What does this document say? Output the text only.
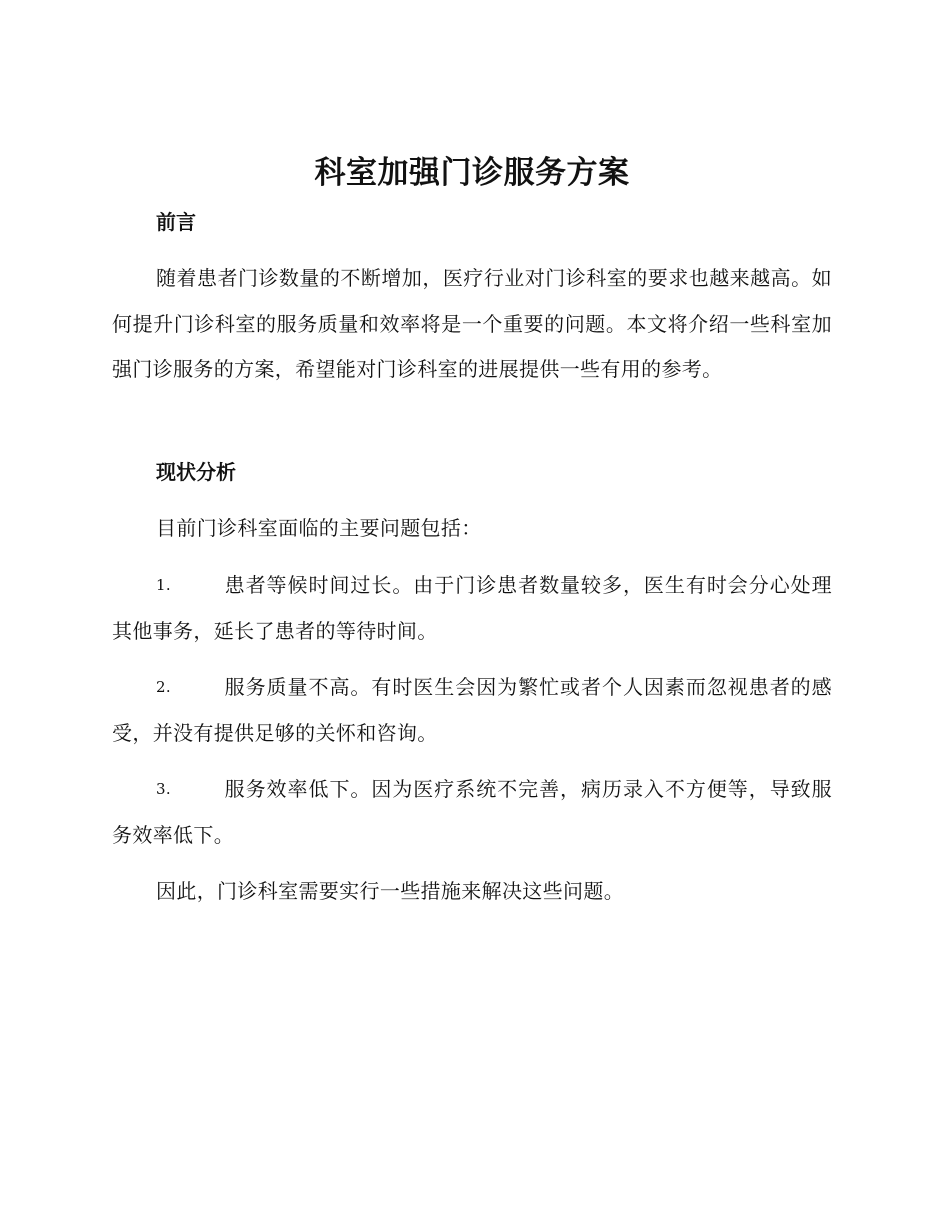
科室加强门诊服务方案
前言

随着患者门诊数量的不断增加，医疗行业对门诊科室的要求也越来越高。如何提升门诊科室的服务质量和效率将是一个重要的问题。本文将介绍一些科室加强门诊服务的方案，希望能对门诊科室的进展提供一些有用的参考。

现状分析

目前门诊科室面临的主要问题包括：

1.	患者等候时间过长。由于门诊患者数量较多，医生有时会分心处理其他事务，延长了患者的等待时间。

2.	服务质量不高。有时医生会因为繁忙或者个人因素而忽视患者的感受，并没有提供足够的关怀和咨询。

3.	服务效率低下。因为医疗系统不完善，病历录入不方便等，导致服务效率低下。

因此，门诊科室需要实行一些措施来解决这些问题。
